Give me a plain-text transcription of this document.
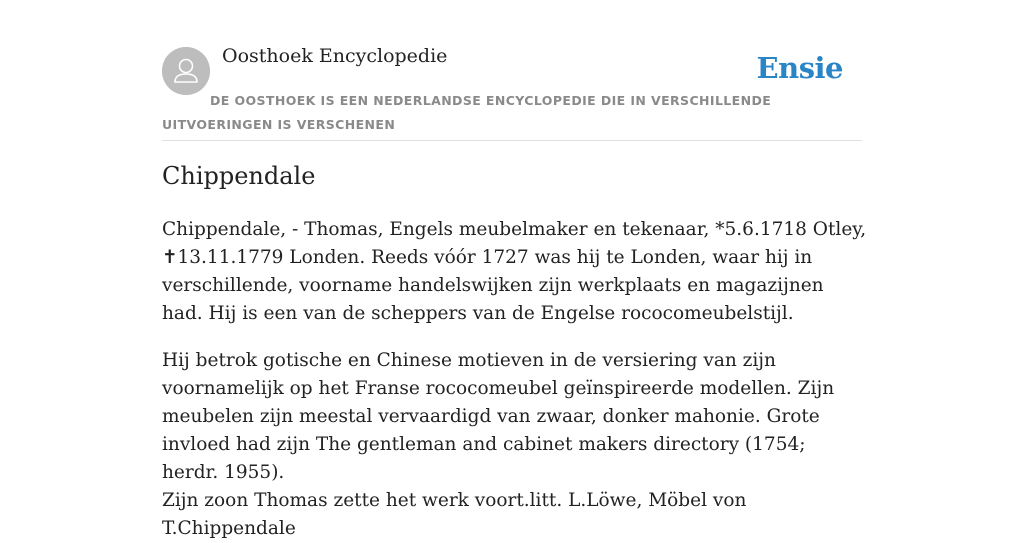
Oosthoek Encyclopedie	Ensie
DE OOSTHOEK IS EEN NEDERLANDSE ENCYCLOPEDIE DIE IN VERSCHILLENDE UITVOERINGEN IS VERSCHENEN
Chippendale

Chippendale, - Thomas, Engels meubelmaker en tekenaar, *5.6.1718 Otley, ✝13.11.1779 Londen. Reeds vóór 1727 was hij te Londen, waar hij in verschillende, voorname handelswijken zijn werkplaats en magazijnen had. Hij is een van de scheppers van de Engelse rococomeubelstijl.

Hij betrok gotische en Chinese motieven in de versiering van zijn voornamelijk op het Franse rococomeubel geïnspireerde modellen. Zijn meubelen zijn meestal vervaardigd van zwaar, donker mahonie. Grote invloed had zijn The gentleman and cabinet makers directory (1754; herdr. 1955).

Zijn zoon Thomas zette het werk voort.litt. L.Löwe, Möbel von T.Chippendale
